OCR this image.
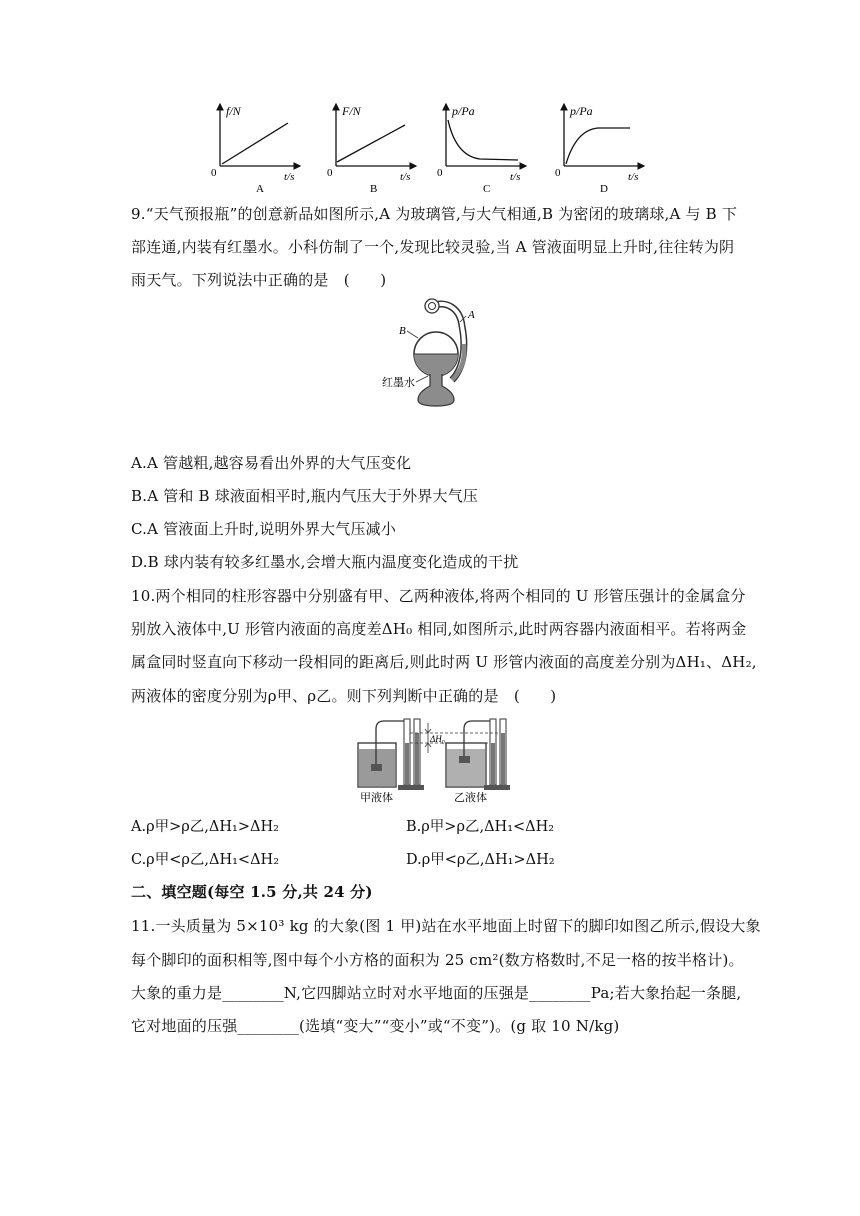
f/N
t/s
0
A
F/N
t/s
0
B
p/Pa
t/s
0
C
p/Pa
t/s
0
D
9.“天气预报瓶”的创意新品如图所示,A 为玻璃管,与大气相通,B 为密闭的玻璃球,A 与 B 下
部连通,内装有红墨水。小科仿制了一个,发现比较灵验,当 A 管液面明显上升时,往往转为阴
雨天气。下列说法中正确的是　(　　)
B
A
红墨水
A.A 管越粗,越容易看出外界的大气压变化
B.A 管和 B 球液面相平时,瓶内气压大于外界大气压
C.A 管液面上升时,说明外界大气压减小
D.B 球内装有较多红墨水,会增大瓶内温度变化造成的干扰
10.两个相同的柱形容器中分别盛有甲、乙两种液体,将两个相同的 U 形管压强计的金属盒分
别放入液体中,U 形管内液面的高度差ΔH₀ 相同,如图所示,此时两容器内液面相平。若将两金
属盒同时竖直向下移动一段相同的距离后,则此时两 U 形管内液面的高度差分别为ΔH₁、ΔH₂,
两液体的密度分别为ρ甲、ρ乙。则下列判断中正确的是　(　　)
ΔH₀
甲液体	乙液体
A.ρ甲>ρ乙,ΔH₁>ΔH₂	B.ρ甲>ρ乙,ΔH₁<ΔH₂
C.ρ甲<ρ乙,ΔH₁<ΔH₂	D.ρ甲<ρ乙,ΔH₁>ΔH₂
二、填空题(每空 1.5 分,共 24 分)
11.一头质量为 5×10³ kg 的大象(图 1 甲)站在水平地面上时留下的脚印如图乙所示,假设大象
每个脚印的面积相等,图中每个小方格的面积为 25 cm²(数方格数时,不足一格的按半格计)。
大象的重力是________N,它四脚站立时对水平地面的压强是________Pa;若大象抬起一条腿,
它对地面的压强________(选填“变大”“变小”或“不变”)。(g 取 10 N/kg)
